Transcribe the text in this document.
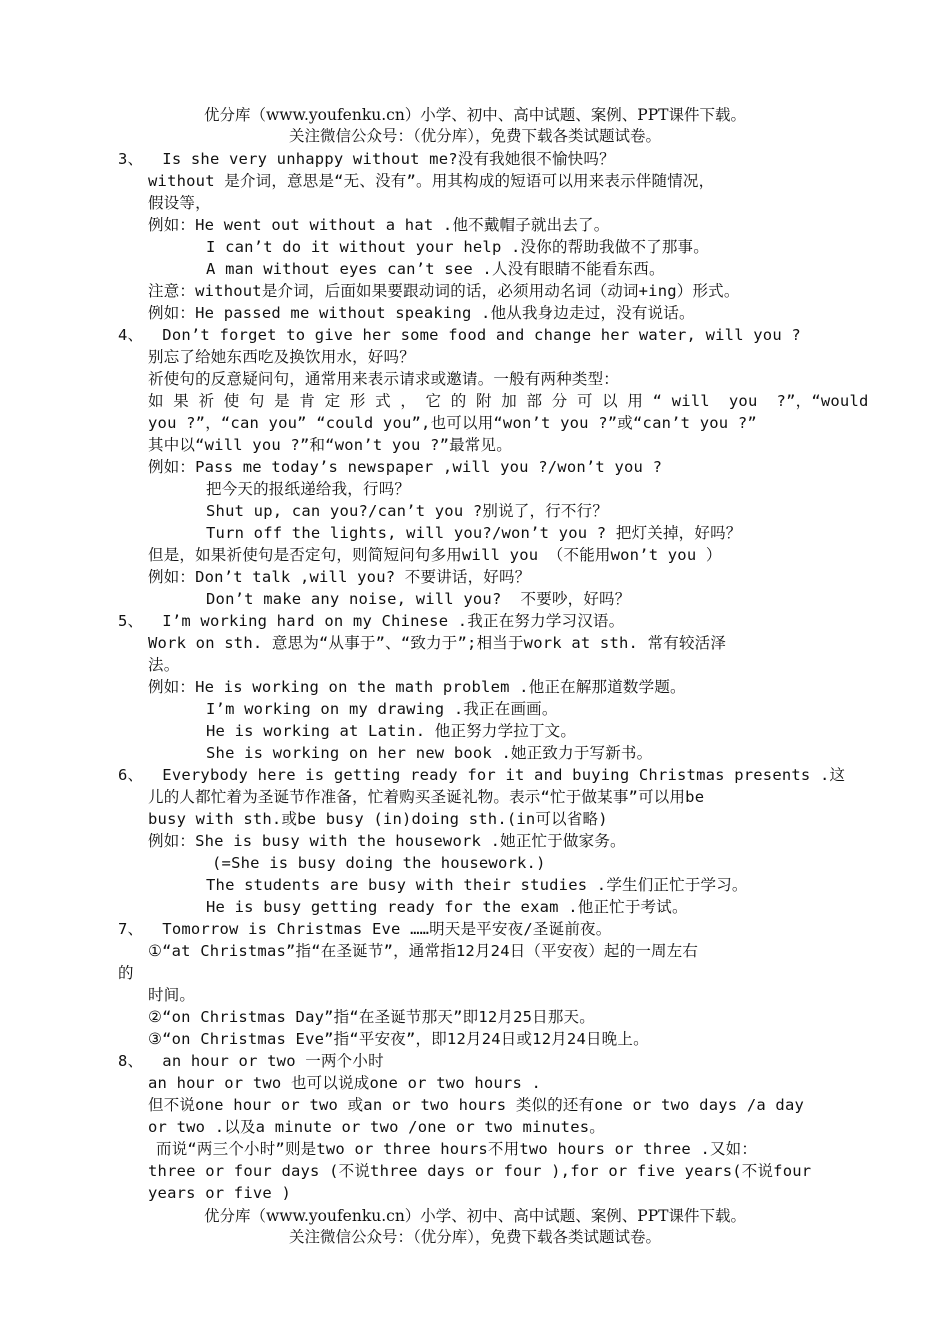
优分库（www.youfenku.cn）小学、初中、高中试题、案例、PPT课件下载。
关注微信公众号：（优分库），免费下载各类试题试卷。
3、  Is she very unhappy without me?没有我她很不愉快吗？
without 是介词，意思是“无、没有”。用其构成的短语可以用来表示伴随情况，
假设等，
例如：He went out without a hat .他不戴帽子就出去了。
I can’t do it without your help .没你的帮助我做不了那事。
A man without eyes can’t see .人没有眼睛不能看东西。
注意：without是介词，后面如果要跟动词的话，必须用动名词（动词+ing）形式。
例如：He passed me without speaking .他从我身边走过，没有说话。
4、  Don’t forget to give her some food and change her water, will you ?
别忘了给她东西吃及换饮用水，好吗？
祈使句的反意疑问句，通常用来表示请求或邀请。一般有两种类型：
如 果 祈 使 句 是 肯 定 形 式 ， 它 的 附 加 部 分 可 以 用 “ will  you  ?”，“would
you ?”，“can you” “could you”,也可以用“won’t you ?”或“can’t you ?”
其中以“will you ?”和“won’t you ?”最常见。
例如：Pass me today’s newspaper ,will you ?/won’t you ?
把今天的报纸递给我，行吗？
Shut up, can you?/can’t you ?别说了，行不行？
Turn off the lights, will you?/won’t you ? 把灯关掉，好吗？
但是，如果祈使句是否定句，则简短问句多用will you （不能用won’t you ）
例如：Don’t talk ,will you? 不要讲话，好吗？
Don’t make any noise, will you?  不要吵，好吗？
5、  I’m working hard on my Chinese .我正在努力学习汉语。
Work on sth. 意思为“从事于”、“致力于”;相当于work at sth. 常有较活泽
法。
例如：He is working on the math problem .他正在解那道数学题。
I’m working on my drawing .我正在画画。
He is working at Latin. 他正努力学拉丁文。
She is working on her new book .她正致力于写新书。
6、  Everybody here is getting ready for it and buying Christmas presents .这
儿的人都忙着为圣诞节作准备，忙着购买圣诞礼物。表示“忙于做某事”可以用be
busy with sth.或be busy (in)doing sth.(in可以省略)
例如：She is busy with the housework .她正忙于做家务。
(=She is busy doing the housework.)
The students are busy with their studies .学生们正忙于学习。
He is busy getting ready for the exam .他正忙于考试。
7、  Tomorrow is Christmas Eve ……明天是平安夜/圣诞前夜。
①“at Christmas”指“在圣诞节”，通常指12月24日（平安夜）起的一周左右
的
时间。
②“on Christmas Day”指“在圣诞节那天”即12月25日那天。
③“on Christmas Eve”指“平安夜”，即12月24日或12月24日晚上。
8、  an hour or two 一两个小时
an hour or two 也可以说成one or two hours .
但不说one hour or two 或an or two hours 类似的还有one or two days /a day
or two .以及a minute or two /one or two minutes。
而说“两三个小时”则是two or three hours不用two hours or three .又如：
three or four days (不说three days or four ),for or five years(不说four
years or five )
优分库（www.youfenku.cn）小学、初中、高中试题、案例、PPT课件下载。
关注微信公众号：（优分库），免费下载各类试题试卷。
